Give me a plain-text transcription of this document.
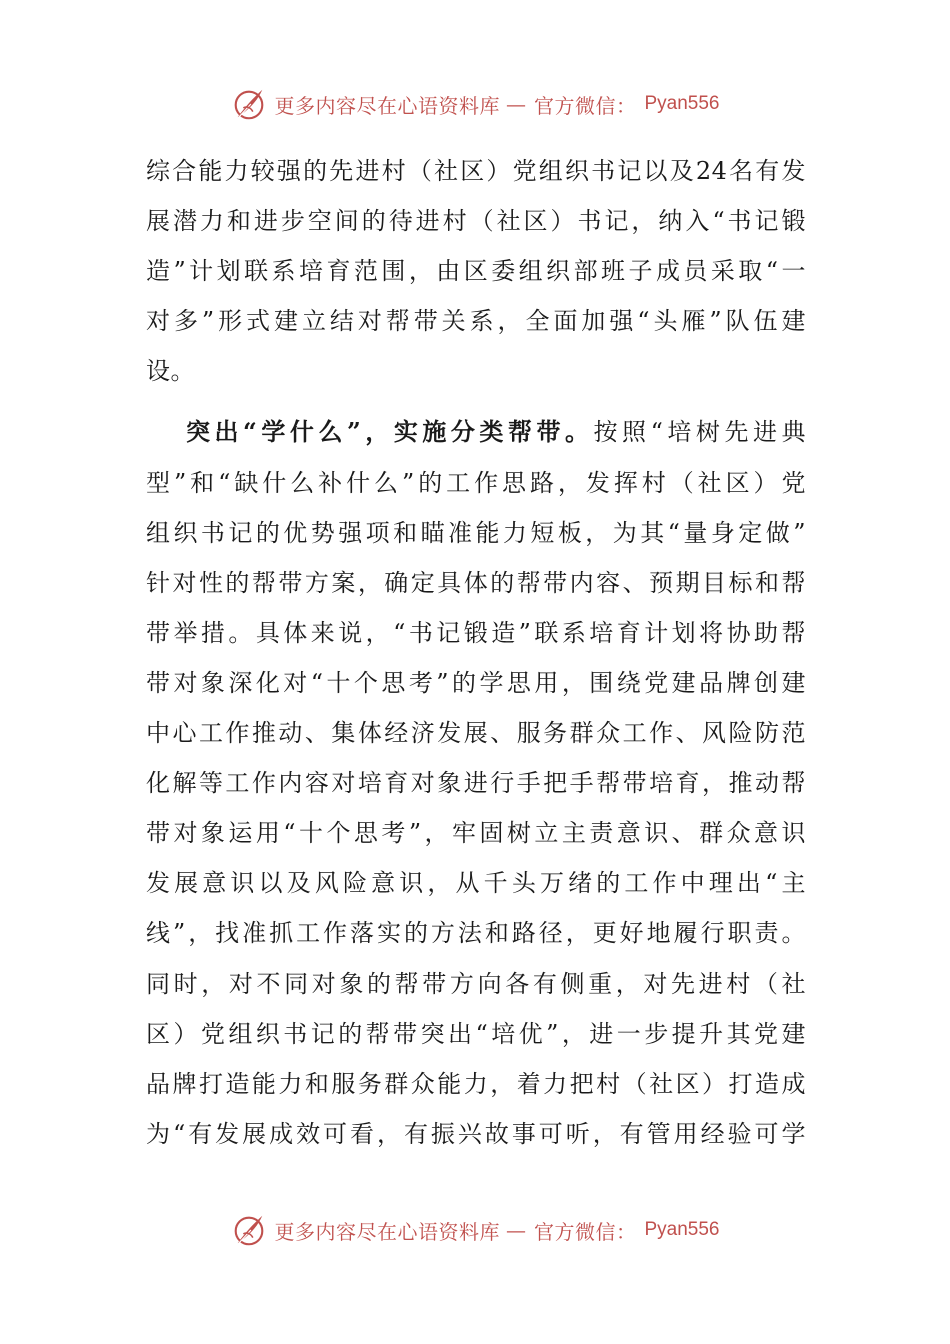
更多内容尽在心语资料库 — 官方微信： Pyan556
综合能力较强的先进村（社区）党组织书记以及24名有发
展潜力和进步空间的待进村（社区）书记，纳入“书记锻
造”计划联系培育范围，由区委组织部班子成员采取“一
对多”形式建立结对帮带关系，全面加强“头雁”队伍建
设。
突出“学什么”，实施分类帮带。按照“培树先进典
型”和“缺什么补什么”的工作思路，发挥村（社区）党
组织书记的优势强项和瞄准能力短板，为其“量身定做”
针对性的帮带方案，确定具体的帮带内容、预期目标和帮
带举措。具体来说，“书记锻造”联系培育计划将协助帮
带对象深化对“十个思考”的学思用，围绕党建品牌创建
中心工作推动、集体经济发展、服务群众工作、风险防范
化解等工作内容对培育对象进行手把手帮带培育，推动帮
带对象运用“十个思考”，牢固树立主责意识、群众意识
发展意识以及风险意识，从千头万绪的工作中理出“主
线”，找准抓工作落实的方法和路径，更好地履行职责。
同时，对不同对象的帮带方向各有侧重，对先进村（社
区）党组织书记的帮带突出“培优”，进一步提升其党建
品牌打造能力和服务群众能力，着力把村（社区）打造成
为“有发展成效可看，有振兴故事可听，有管用经验可学
更多内容尽在心语资料库 — 官方微信： Pyan556
